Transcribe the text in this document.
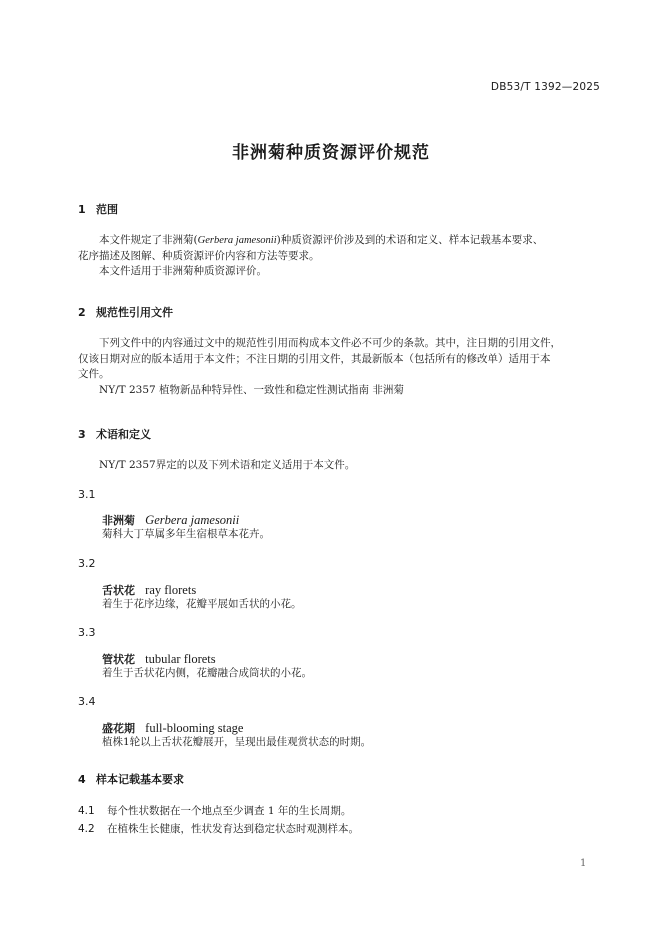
DB53/T 1392—2025
非洲菊种质资源评价规范
1 范围
本文件规定了非洲菊(Gerbera jamesonii)种质资源评价涉及到的术语和定义、样本记载基本要求、
花序描述及图解、种质资源评价内容和方法等要求。
本文件适用于非洲菊种质资源评价。
2 规范性引用文件
下列文件中的内容通过文中的规范性引用而构成本文件必不可少的条款。其中，注日期的引用文件，
仅该日期对应的版本适用于本文件；不注日期的引用文件，其最新版本（包括所有的修改单）适用于本
文件。
NY/T 2357 植物新品种特异性、一致性和稳定性测试指南 非洲菊
3 术语和定义
NY/T 2357界定的以及下列术语和定义适用于本文件。
3.1
非洲菊 Gerbera jamesonii
菊科大丁草属多年生宿根草本花卉。
3.2
舌状花 ray florets
着生于花序边缘，花瓣平展如舌状的小花。
3.3
管状花 tubular florets
着生于舌状花内侧，花瓣融合成筒状的小花。
3.4
盛花期 full-blooming stage
植株1轮以上舌状花瓣展开，呈现出最佳观赏状态的时期。
4 样本记载基本要求
4.1 每个性状数据在一个地点至少调查 1 年的生长周期。
4.2 在植株生长健康，性状发育达到稳定状态时观测样本。
1
